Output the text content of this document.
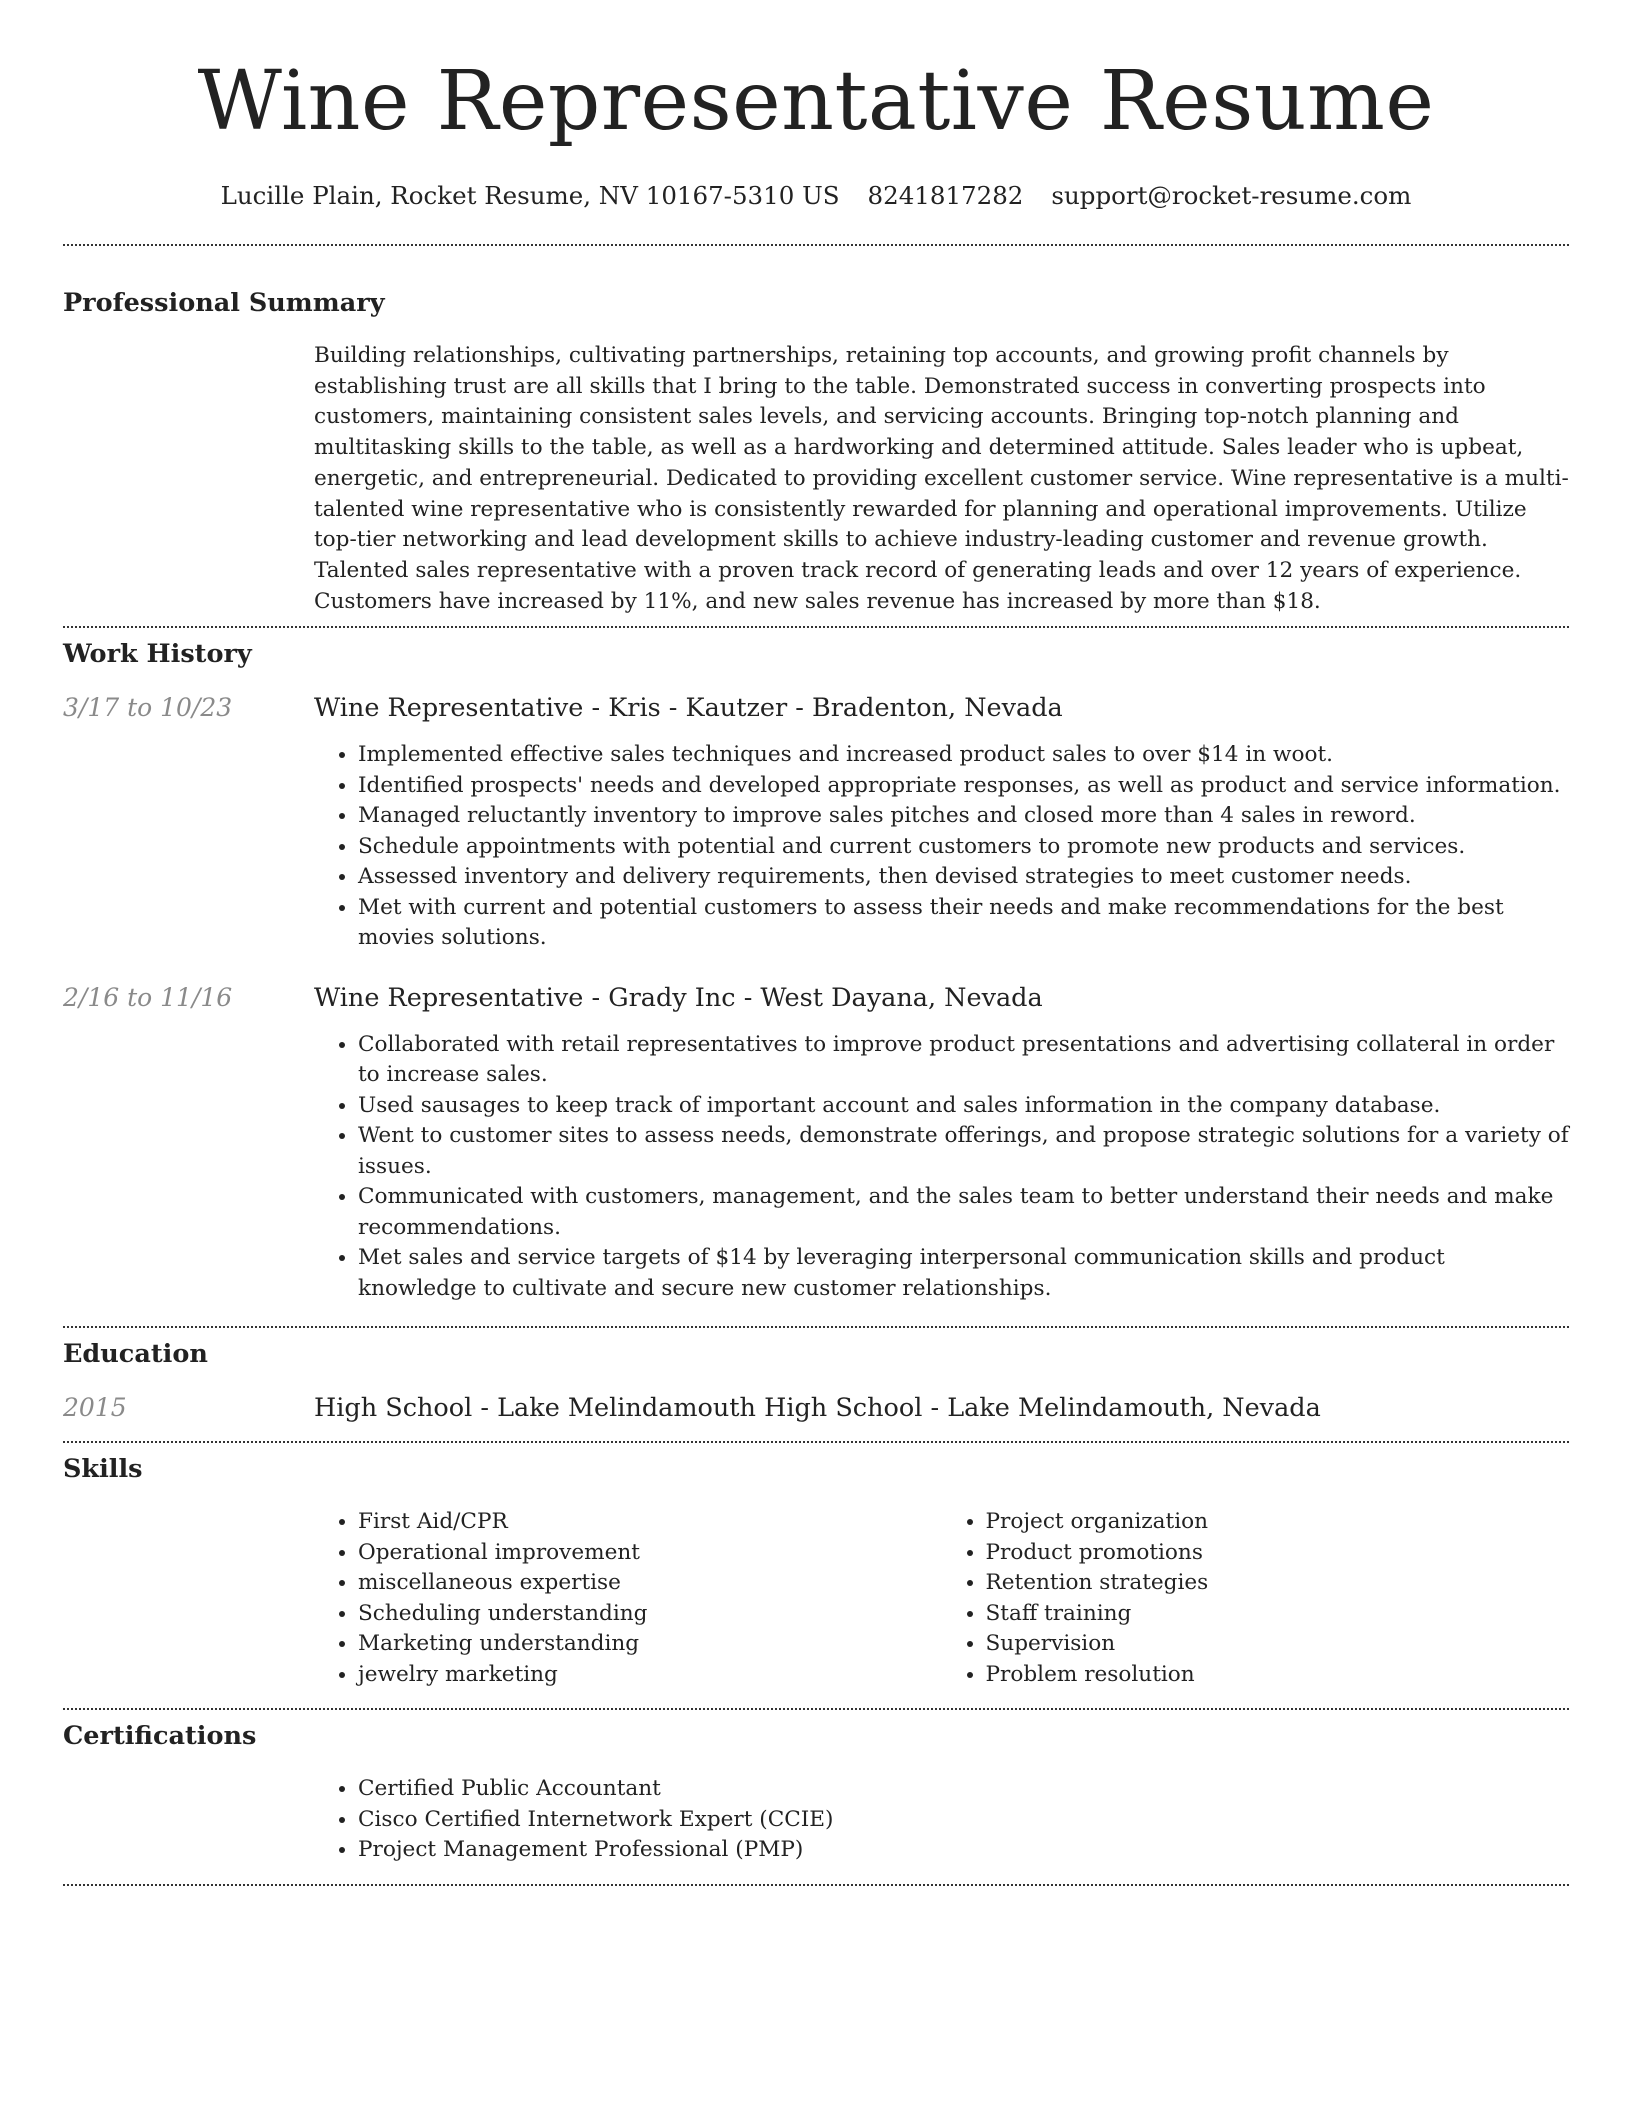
Wine Representative Resume
Lucille Plain, Rocket Resume, NV 10167-5310 US 8241817282 support@rocket-resume.com
Professional Summary

Building relationships, cultivating partnerships, retaining top accounts, and growing profit channels by establishing trust are all skills that I bring to the table. Demonstrated success in converting prospects into customers, maintaining consistent sales levels, and servicing accounts. Bringing top-notch planning and multitasking skills to the table, as well as a hardworking and determined attitude. Sales leader who is upbeat, energetic, and entrepreneurial. Dedicated to providing excellent customer service. Wine representative is a multi-talented wine representative who is consistently rewarded for planning and operational improvements. Utilize top-tier networking and lead development skills to achieve industry-leading customer and revenue growth. Talented sales representative with a proven track record of generating leads and over 12 years of experience. Customers have increased by 11%, and new sales revenue has increased by more than $18.

Work History
3/17 to 10/23	Wine Representative - Kris - Kautzer - Bradenton, Nevada
• Implemented effective sales techniques and increased product sales to over $14 in woot.
• Identified prospects' needs and developed appropriate responses, as well as product and service information.
• Managed reluctantly inventory to improve sales pitches and closed more than 4 sales in reword.
• Schedule appointments with potential and current customers to promote new products and services.
• Assessed inventory and delivery requirements, then devised strategies to meet customer needs.
• Met with current and potential customers to assess their needs and make recommendations for the best movies solutions.
2/16 to 11/16	Wine Representative - Grady Inc - West Dayana, Nevada
• Collaborated with retail representatives to improve product presentations and advertising collateral in order to increase sales.
• Used sausages to keep track of important account and sales information in the company database.
• Went to customer sites to assess needs, demonstrate offerings, and propose strategic solutions for a variety of issues.
• Communicated with customers, management, and the sales team to better understand their needs and make recommendations.
• Met sales and service targets of $14 by leveraging interpersonal communication skills and product knowledge to cultivate and secure new customer relationships.
Education
2015	High School - Lake Melindamouth High School - Lake Melindamouth, Nevada
Skills
• First Aid/CPR
• Operational improvement
• miscellaneous expertise
• Scheduling understanding
• Marketing understanding
• jewelry marketing
• Project organization
• Product promotions
• Retention strategies
• Staff training
• Supervision
• Problem resolution
Certifications
• Certified Public Accountant
• Cisco Certified Internetwork Expert (CCIE)
• Project Management Professional (PMP)
